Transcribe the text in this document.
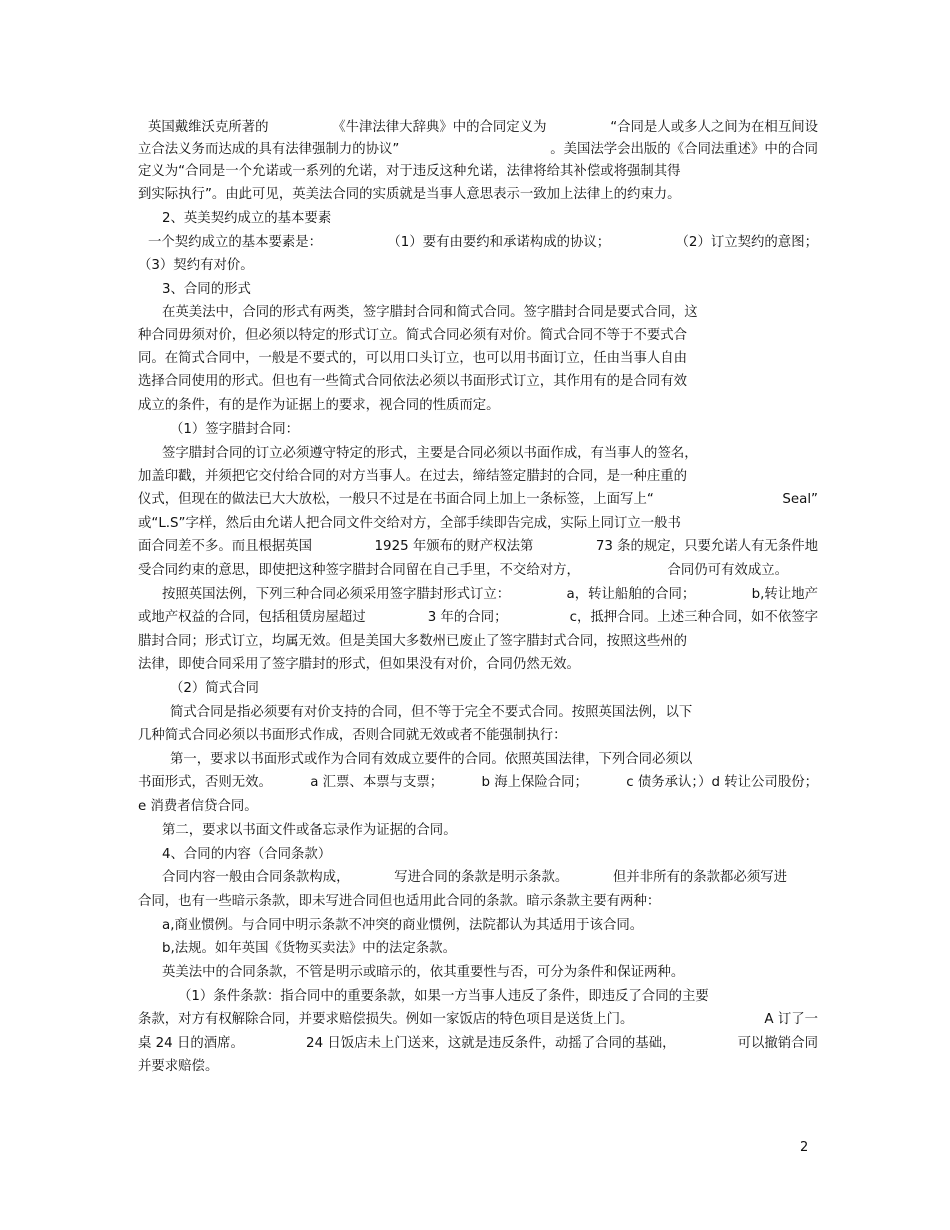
英国戴维沃克所著的	《牛津法律大辞典》中的合同定义为	“合同是人或多人之间为在相互间设
立合法义务而达成的具有法律强制力的协议”	。美国法学会出版的《合同法重述》中的合同
定义为“合同是一个允诺或一系列的允诺，对于违反这种允诺，法律将给其补偿或将强制其得
到实际执行”。由此可见，英美法合同的实质就是当事人意思表示一致加上法律上的约束力。
2、英美契约成立的基本要素
一个契约成立的基本要素是：	（1）要有由要约和承诺构成的协议；	（2）订立契约的意图；
（3）契约有对价。
3、合同的形式
在英美法中，合同的形式有两类，签字腊封合同和简式合同。签字腊封合同是要式合同，这
种合同毋须对价，但必须以特定的形式订立。简式合同必须有对价。简式合同不等于不要式合
同。在简式合同中，一般是不要式的，可以用口头订立，也可以用书面订立，任由当事人自由
选择合同使用的形式。但也有一些简式合同依法必须以书面形式订立，其作用有的是合同有效
成立的条件，有的是作为证据上的要求，视合同的性质而定。
（1）签字腊封合同：
签字腊封合同的订立必须遵守特定的形式，主要是合同必须以书面作成，有当事人的签名，
加盖印戳，并须把它交付给合同的对方当事人。在过去，缔结签定腊封的合同，是一种庄重的
仪式，但现在的做法已大大放松，一般只不过是在书面合同上加上一条标签，上面写上“	Seal”
或“L.S”字样，然后由允诺人把合同文件交给对方，全部手续即告完成，实际上同订立一般书
面合同差不多。而且根据英国	1925 年颁布的财产权法第	73 条的规定，只要允诺人有无条件地
受合同约束的意思，即使把这种签字腊封合同留在自己手里，不交给对方，	合同仍可有效成立。
按照英国法例，下列三种合同必须采用签字腊封形式订立：	a，转让船舶的合同；	b,转让地产
或地产权益的合同，包括租赁房屋超过	3 年的合同；	c，抵押合同。上述三种合同，如不依签字
腊封合同；形式订立，均属无效。但是美国大多数州已废止了签字腊封式合同，按照这些州的
法律，即使合同采用了签字腊封的形式，但如果没有对价，合同仍然无效。
（2）简式合同
简式合同是指必须要有对价支持的合同，但不等于完全不要式合同。按照英国法例，以下
几种简式合同必须以书面形式作成，否则合同就无效或者不能强制执行：
第一，要求以书面形式或作为合同有效成立要件的合同。依照英国法律，下列合同必须以
书面形式，否则无效。	a 汇票、本票与支票；	b 海上保险合同；	c 债务承认；）d 转让公司股份；
e 消费者信贷合同。
第二，要求以书面文件或备忘录作为证据的合同。
4、合同的内容（合同条款）
合同内容一般由合同条款构成，	写进合同的条款是明示条款。	但并非所有的条款都必须写进
合同，也有一些暗示条款，即未写进合同但也适用此合同的条款。暗示条款主要有两种：
a,商业惯例。与合同中明示条款不冲突的商业惯例，法院都认为其适用于该合同。
b,法规。如年英国《货物买卖法》中的法定条款。
英美法中的合同条款，不管是明示或暗示的，依其重要性与否，可分为条件和保证两种。
（1）条件条款：指合同中的重要条款，如果一方当事人违反了条件，即违反了合同的主要
条款，对方有权解除合同，并要求赔偿损失。例如一家饭店的特色项目是送货上门。	A 订了一
桌 24 日的酒席。	24 日饭店未上门送来，这就是违反条件，动摇了合同的基础，	可以撤销合同
并要求赔偿。
2
